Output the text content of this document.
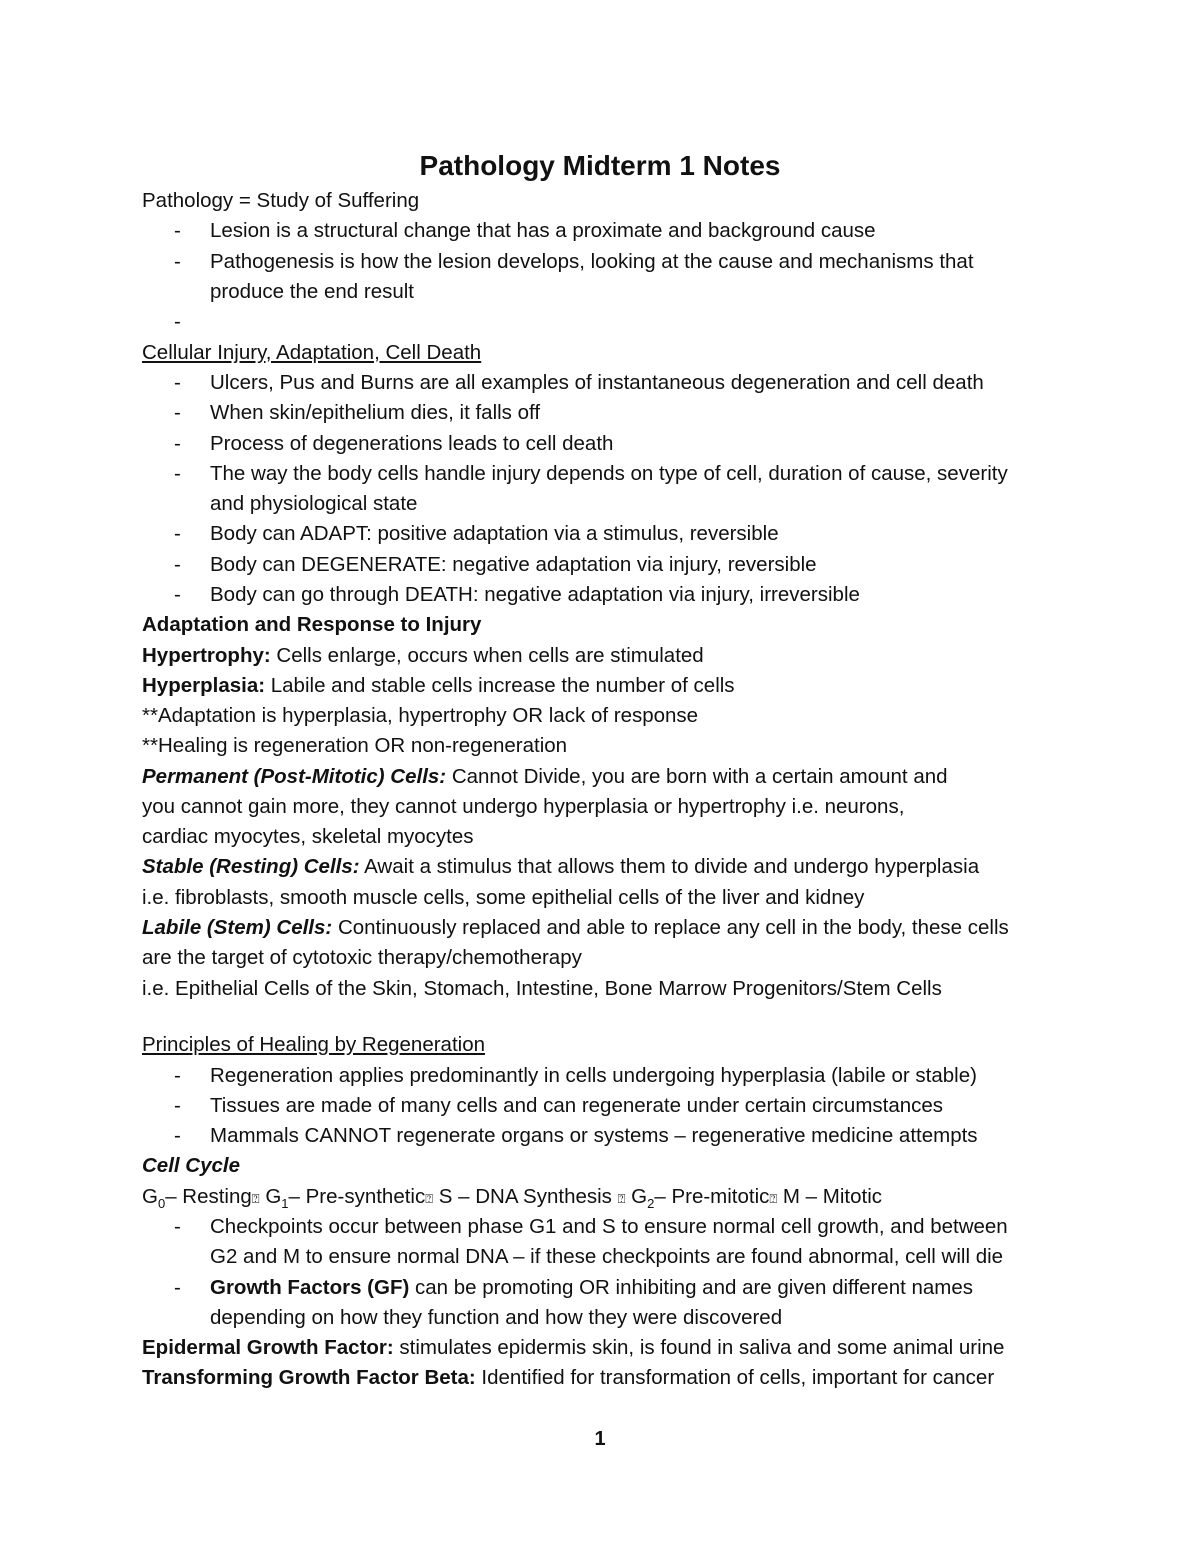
Pathology Midterm 1 Notes
Pathology = Study of Suffering
- Lesion is a structural change that has a proximate and background cause
- Pathogenesis is how the lesion develops, looking at the cause and mechanisms that
produce the end result
-
Cellular Injury, Adaptation, Cell Death
- Ulcers, Pus and Burns are all examples of instantaneous degeneration and cell death
- When skin/epithelium dies, it falls off
- Process of degenerations leads to cell death
- The way the body cells handle injury depends on type of cell, duration of cause, severity
and physiological state
- Body can ADAPT: positive adaptation via a stimulus, reversible
- Body can DEGENERATE: negative adaptation via injury, reversible
- Body can go through DEATH: negative adaptation via injury, irreversible
Adaptation and Response to Injury
Hypertrophy: Cells enlarge, occurs when cells are stimulated
Hyperplasia: Labile and stable cells increase the number of cells
**Adaptation is hyperplasia, hypertrophy OR lack of response
**Healing is regeneration OR non-regeneration
Permanent (Post-Mitotic) Cells: Cannot Divide, you are born with a certain amount and
you cannot gain more, they cannot undergo hyperplasia or hypertrophy i.e. neurons,
cardiac myocytes, skeletal myocytes
Stable (Resting) Cells: Await a stimulus that allows them to divide and undergo hyperplasia
i.e. fibroblasts, smooth muscle cells, some epithelial cells of the liver and kidney
Labile (Stem) Cells: Continuously replaced and able to replace any cell in the body, these cells
are the target of cytotoxic therapy/chemotherapy
i.e. Epithelial Cells of the Skin, Stomach, Intestine, Bone Marrow Progenitors/Stem Cells
Principles of Healing by Regeneration
- Regeneration applies predominantly in cells undergoing hyperplasia (labile or stable)
- Tissues are made of many cells and can regenerate under certain circumstances
- Mammals CANNOT regenerate organs or systems – regenerative medicine attempts
Cell Cycle
$G_0-$ Resting⍰ $G_1-$ Pre-synthetic⍰ S – DNA Synthesis ⍰ $G_2-$ Pre-mitotic⍰ M – Mitotic
- Checkpoints occur between phase G1 and S to ensure normal cell growth, and between
G2 and M to ensure normal DNA – if these checkpoints are found abnormal, cell will die
- Growth Factors (GF) can be promoting OR inhibiting and are given different names
depending on how they function and how they were discovered
Epidermal Growth Factor: stimulates epidermis skin, is found in saliva and some animal urine
Transforming Growth Factor Beta: Identified for transformation of cells, important for cancer
1
